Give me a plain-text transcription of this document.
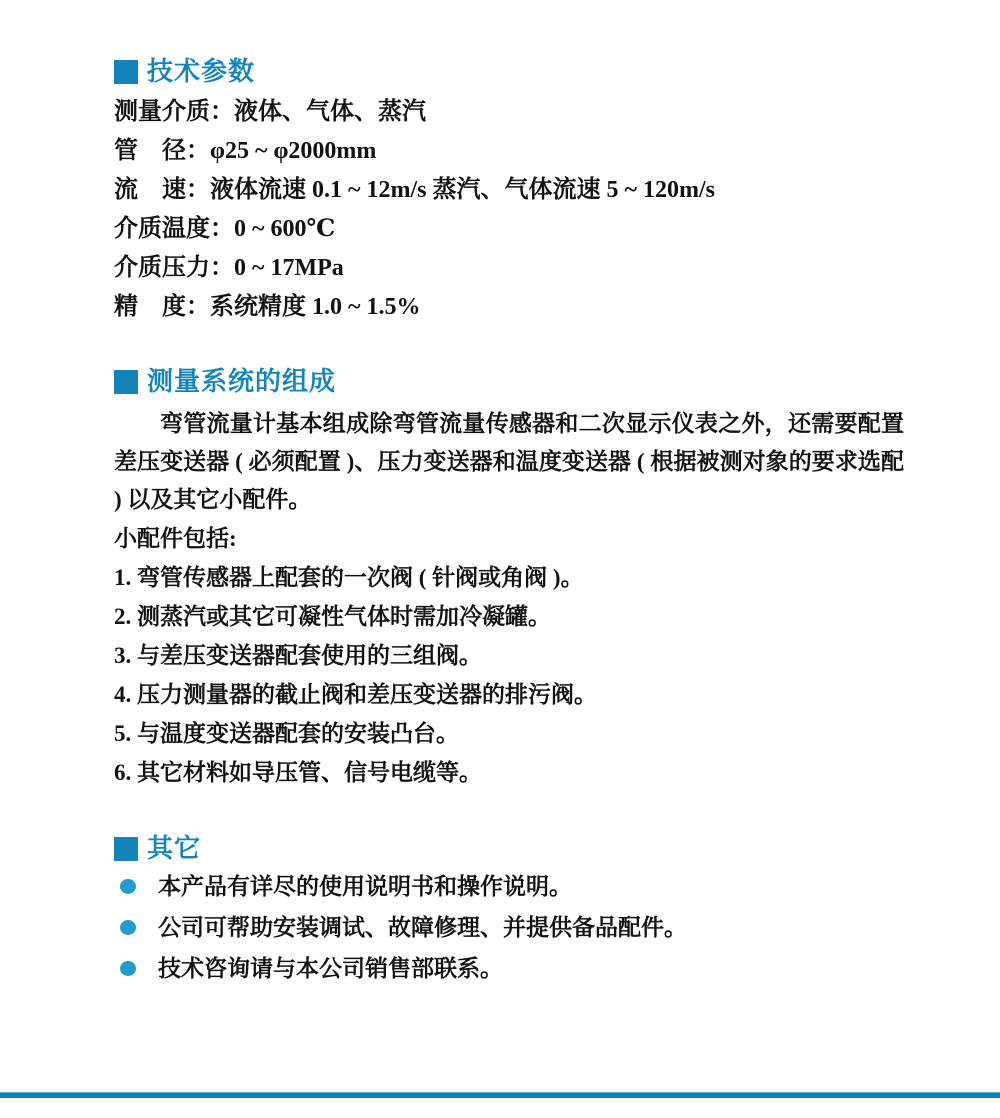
技术参数

测量介质：液体、气体、蒸汽

管　径：φ25 ~ φ2000mm

流　速：液体流速 0.1 ~ 12m/s 蒸汽、气体流速 5 ~ 120m/s

介质温度：0 ~ 600℃

介质压力：0 ~ 17MPa

精　度：系统精度 1.0 ~ 1.5%

测量系统的组成

弯管流量计基本组成除弯管流量传感器和二次显示仪表之外，还需要配置差压变送器 ( 必须配置 )、压力变送器和温度变送器 ( 根据被测对象的要求选配 ) 以及其它小配件。

小配件包括:

1. 弯管传感器上配套的一次阀 ( 针阀或角阀 )。

2. 测蒸汽或其它可凝性气体时需加冷凝罐。

3. 与差压变送器配套使用的三组阀。

4. 压力测量器的截止阀和差压变送器的排污阀。

5. 与温度变送器配套的安装凸台。

6. 其它材料如导压管、信号电缆等。

其它
本产品有详尽的使用说明书和操作说明。
公司可帮助安装调试、故障修理、并提供备品配件。
技术咨询请与本公司销售部联系。
